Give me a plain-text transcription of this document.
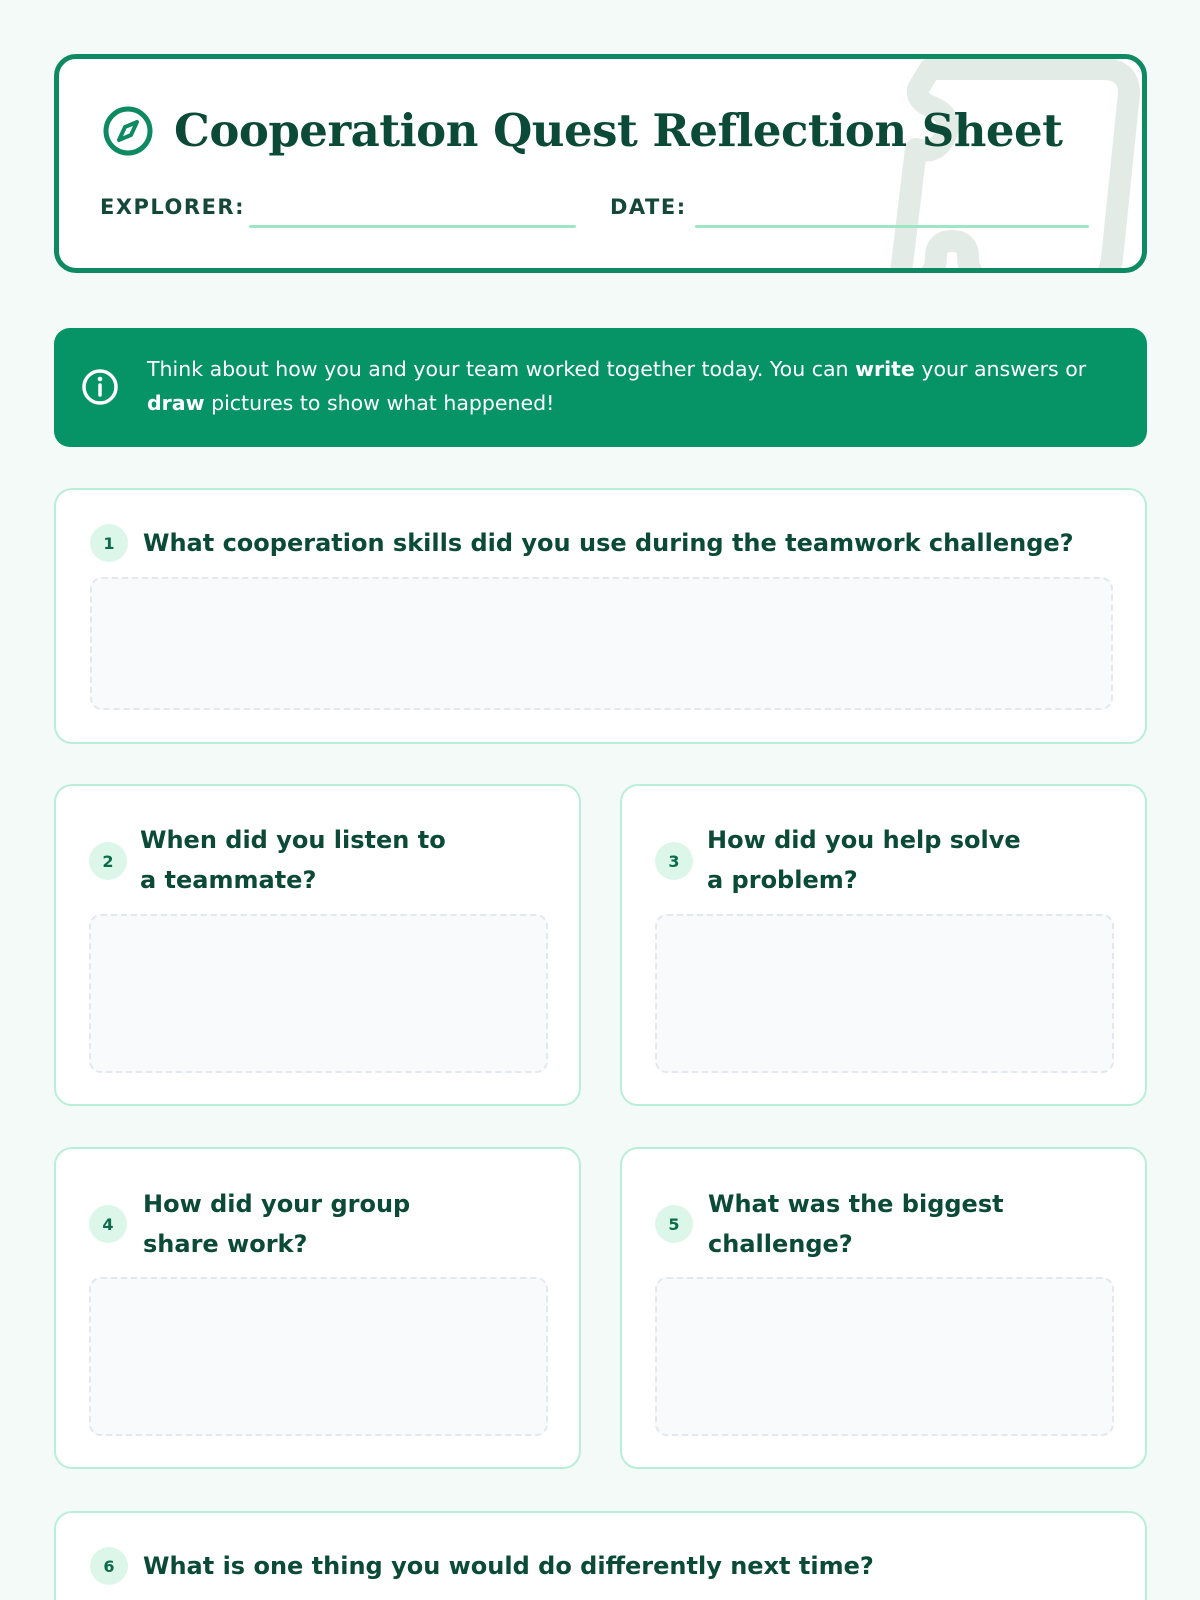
Cooperation Quest Reflection Sheet
EXPLORER:	DATE:

Think about how you and your team worked together today. You can write your answers or draw pictures to show what happened!

1	What cooperation skills did you use during the teamwork challenge?
2
When did you listen to a teammate?
3
How did you help solve a problem?
4
How did your group share work?
5
What was the biggest challenge?
6	What is one thing you would do differently next time?
